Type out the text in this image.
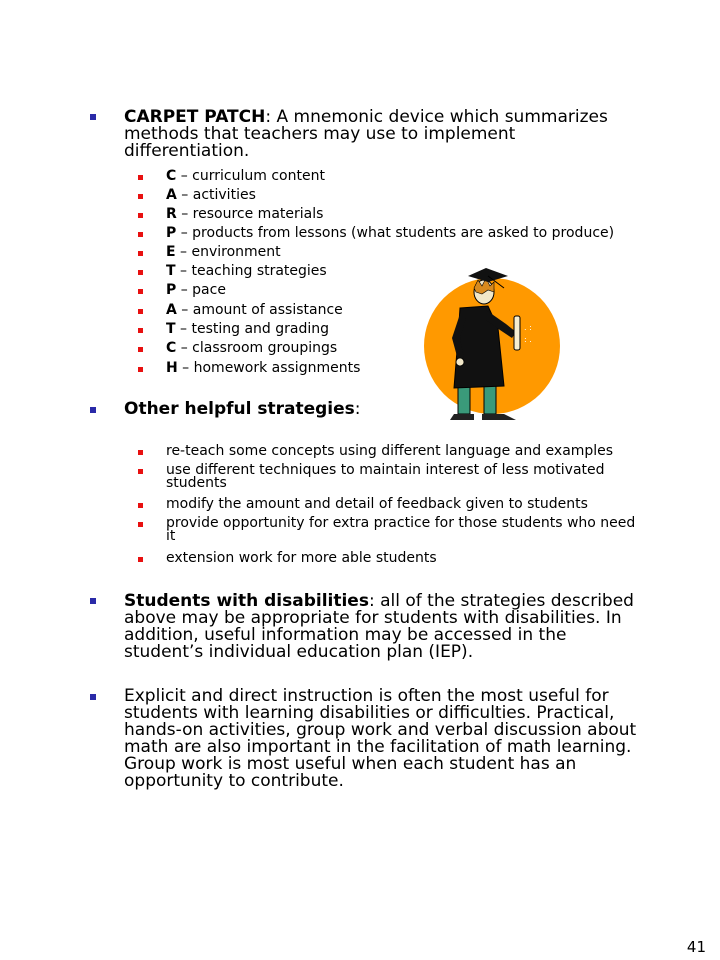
CARPET PATCH: A mnemonic device which summarizes methods that teachers may use to implement differentiation.
C – curriculum content
A – activities
R – resource materials
P – products from lessons (what students are asked to produce)
E – environment
T – teaching strategies
P – pace
A – amount of assistance
T – testing and grading
C – classroom groupings
H – homework assignments
. :
: .
Other helpful strategies:
re-teach some concepts using different language and examples
use different techniques to maintain interest of less motivated students
modify the amount and detail of feedback given to students
provide opportunity for extra practice for those students who need it
extension work for more able students
Students with disabilities: all of the strategies described above may be appropriate for students with disabilities. In addition, useful information may be accessed in the student’s individual education plan (IEP).
Explicit and direct instruction is often the most useful for students with learning disabilities or difficulties. Practical, hands-on activities, group work and verbal discussion about math are also important in the facilitation of math learning. Group work is most useful when each student has an opportunity to contribute.
41
